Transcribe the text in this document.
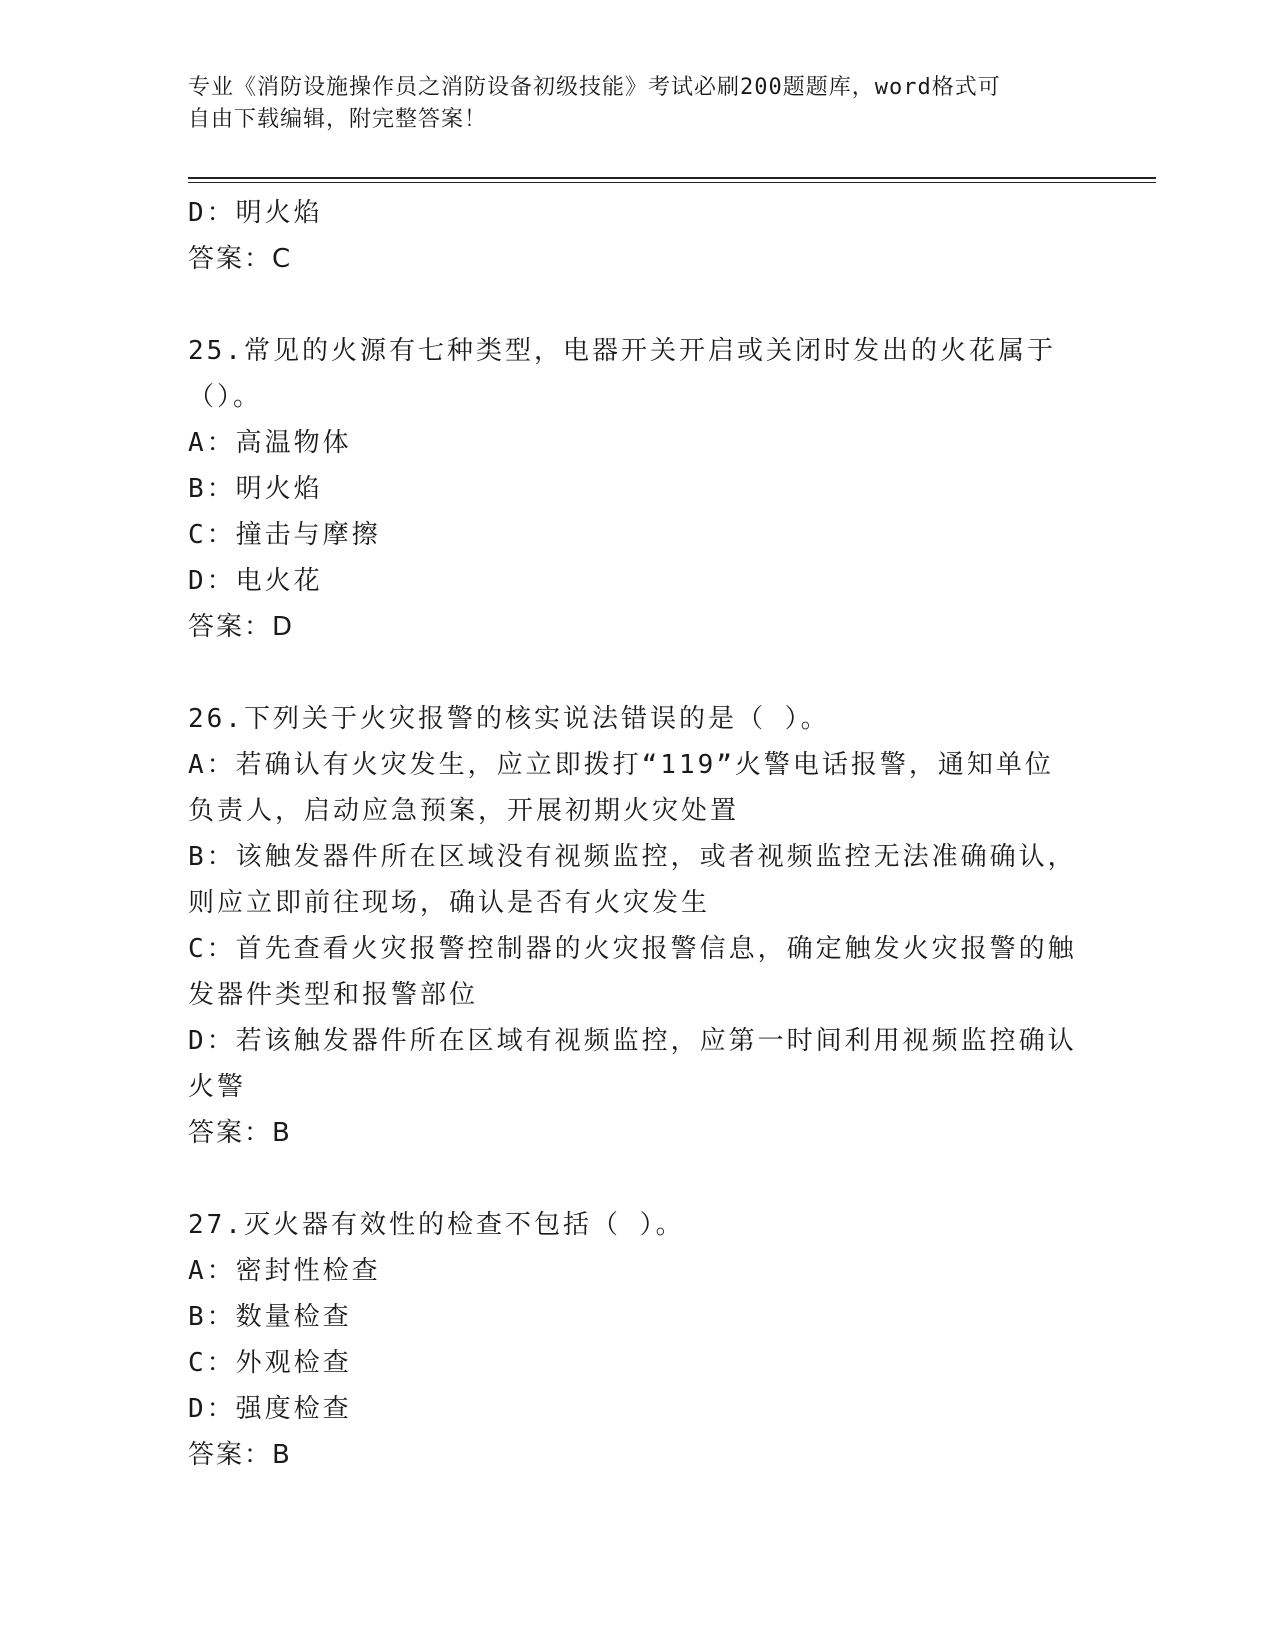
专业《消防设施操作员之消防设备初级技能》考试必刷200题题库，word格式可
自由下载编辑，附完整答案！

D：明火焰

答案：C

25.常见的火源有七种类型，电器开关开启或关闭时发出的火花属于（）。

A：高温物体

B：明火焰

C：撞击与摩擦

D：电火花

答案：D

26.下列关于火灾报警的核实说法错误的是（ ）。

A：若确认有火灾发生，应立即拨打“119”火警电话报警，通知单位负责人，启动应急预案，开展初期火灾处置

B：该触发器件所在区域没有视频监控，或者视频监控无法准确确认，则应立即前往现场，确认是否有火灾发生

C：首先查看火灾报警控制器的火灾报警信息，确定触发火灾报警的触发器件类型和报警部位

D：若该触发器件所在区域有视频监控，应第一时间利用视频监控确认火警

答案：B

27.灭火器有效性的检查不包括（ ）。

A：密封性检查

B：数量检查

C：外观检查

D：强度检查

答案：B
